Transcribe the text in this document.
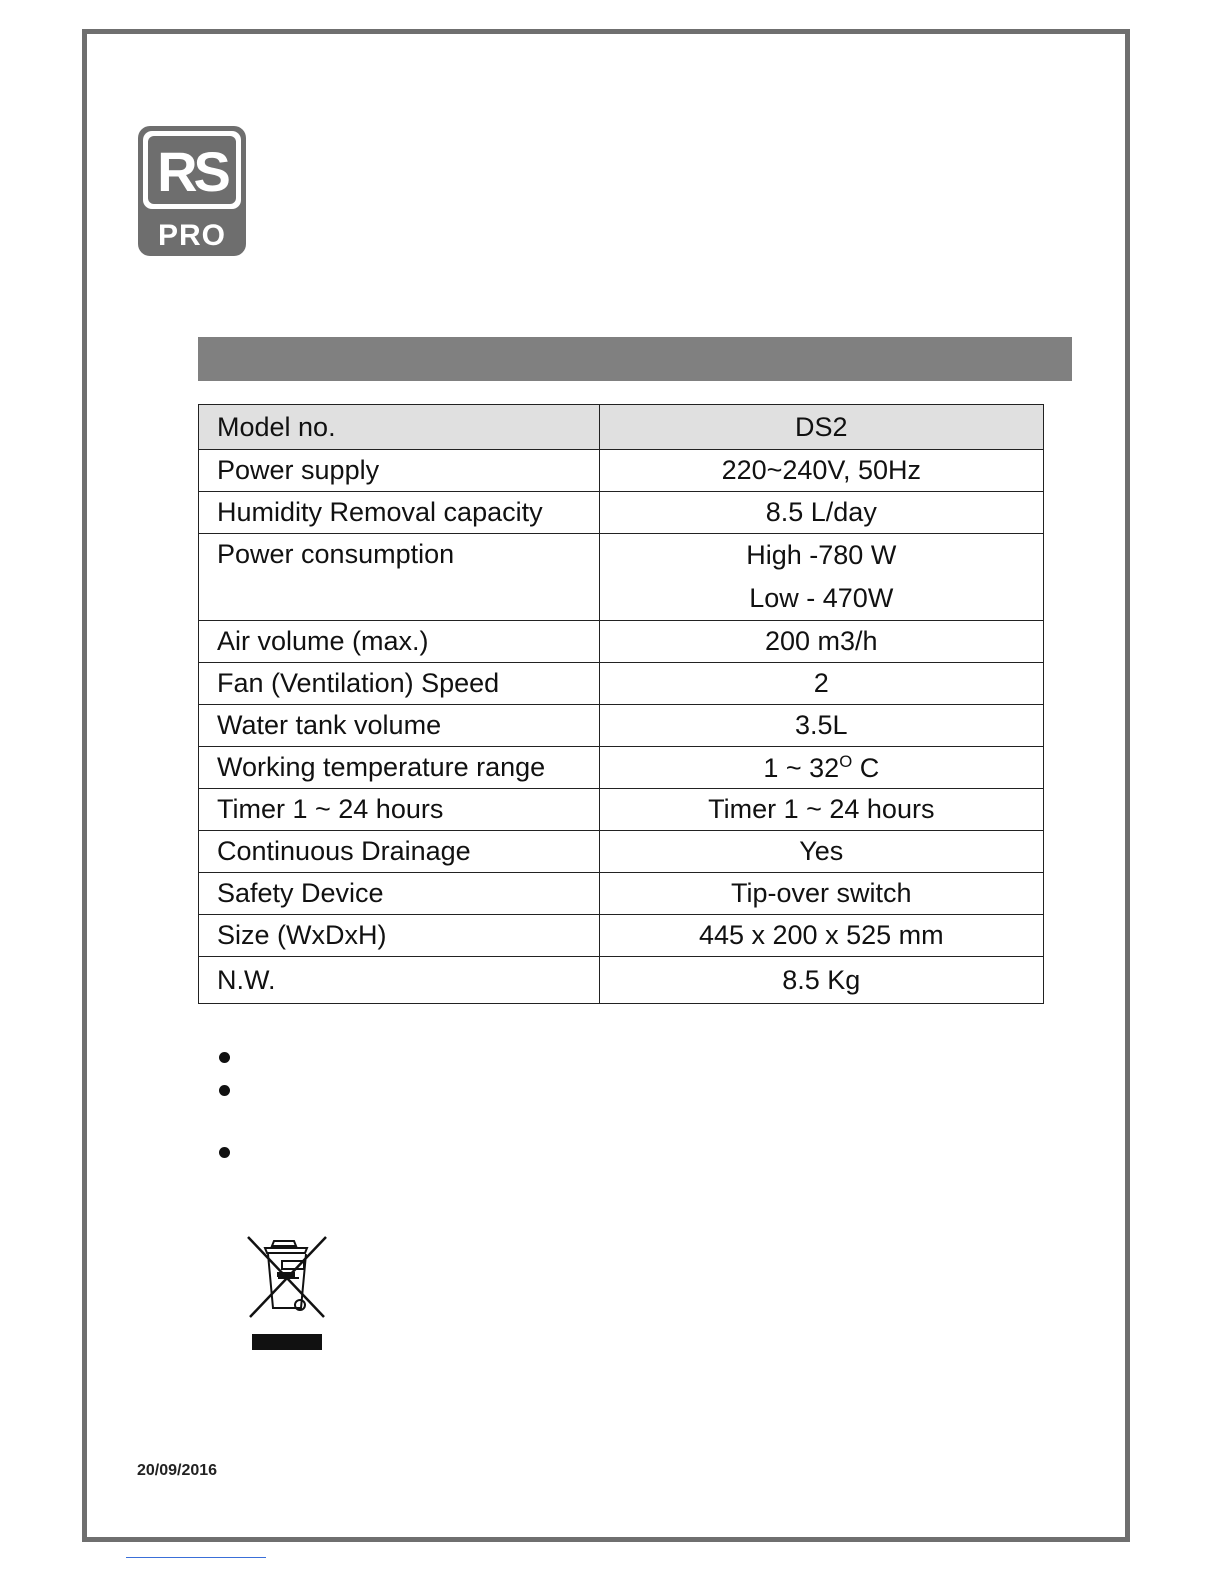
RS
PRO
Model no.	DS2
Power supply	220~240V, 50Hz
Humidity Removal capacity	8.5 L/day
Power consumption	High -780 W
Low - 470W

Air volume (max.)	200 m3/h
Fan (Ventilation) Speed	2
Water tank volume	3.5L
Working temperature range	1 ~ $32^O$ C
Timer 1 ~ 24 hours	Timer 1 ~ 24 hours
Continuous Drainage	Yes
Safety Device	Tip-over switch
Size (WxDxH)	445 x 200 x 525 mm
N.W.	8.5 Kg
20/09/2016
